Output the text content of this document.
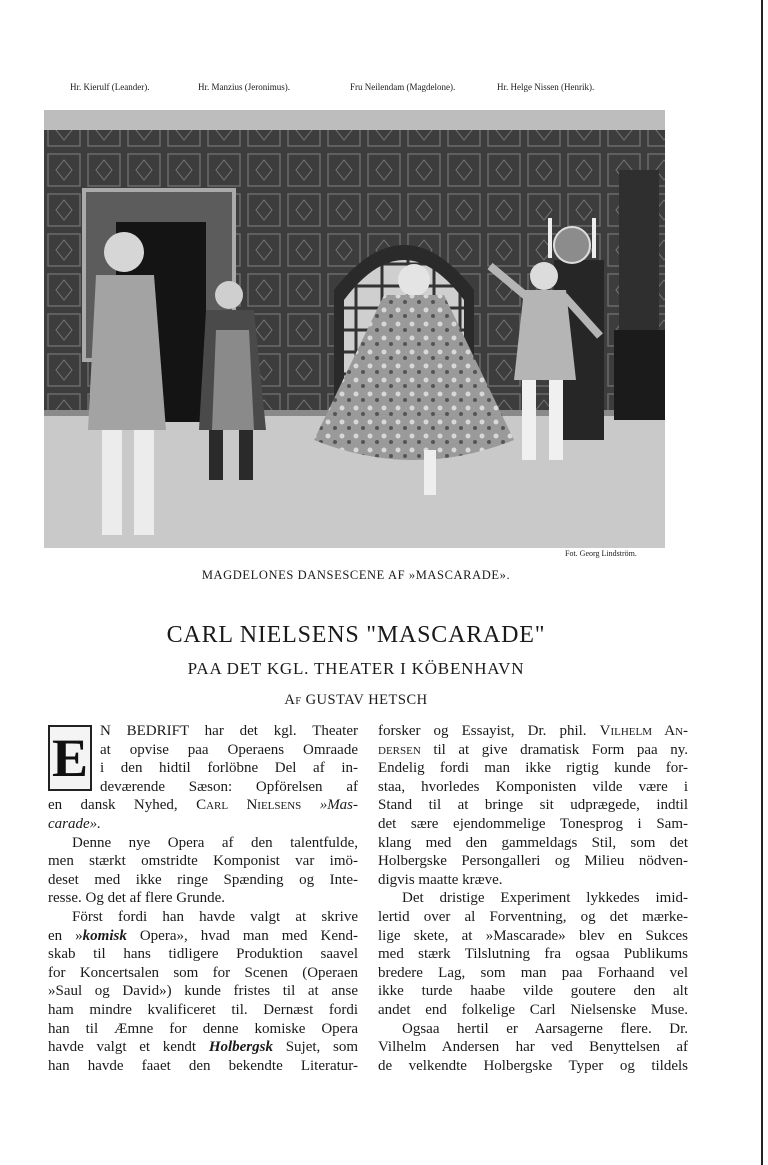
Hr. Kierulf (Leander).	Hr. Manzius (Jeronimus).	Fru Neilendam (Magdelone).	Hr. Helge Nissen (Henrik).
Fot. Georg Lindström.
MAGDELONES DANSESCENE AF »MASCARADE».
CARL NIELSENS "MASCARADE"
PAA DET KGL. THEATER I KÖBENHAVN
Af GUSTAV HETSCH
E N BEDRIFT har det kgl. Theater
at opvise paa Operaens Omraade
i den hidtil forlöbne Del af in-
deværende Sæson: Opförelsen af
en dansk Nyhed, Carl Nielsens »Mas-
carade».
Denne nye Opera af den talentfulde,
men stærkt omstridte Komponist var imö-
deset med ikke ringe Spænding og Inte-
resse. Og det af flere Grunde.
Först fordi han havde valgt at skrive
en »komisk Opera», hvad man med Kend-
skab til hans tidligere Produktion saavel
for Koncertsalen som for Scenen (Operaen
»Saul og David») kunde fristes til at anse
ham mindre kvalificeret til. Dernæst fordi
han til Æmne for denne komiske Opera
havde valgt et kendt Holbergsk Sujet, som
han havde faaet den bekendte Literatur-
forsker og Essayist, Dr. phil. Vilhelm An-
dersen til at give dramatisk Form paa ny.
Endelig fordi man ikke rigtig kunde for-
staa, hvorledes Komponisten vilde være i
Stand til at bringe sit udprægede, indtil
det sære ejendommelige Tonesprog i Sam-
klang med den gammeldags Stil, som det
Holbergske Persongalleri og Milieu nödven-
digvis maatte kræve.
Det dristige Experiment lykkedes imid-
lertid over al Forventning, og det mærke-
lige skete, at »Mascarade» blev en Sukces
med stærk Tilslutning fra ogsaa Publikums
bredere Lag, som man paa Forhaand vel
ikke turde haabe vilde goutere den alt
andet end folkelige Carl Nielsenske Muse.
Ogsaa hertil er Aarsagerne flere. Dr.
Vilhelm Andersen har ved Benyttelsen af
de velkendte Holbergske Typer og tildels
